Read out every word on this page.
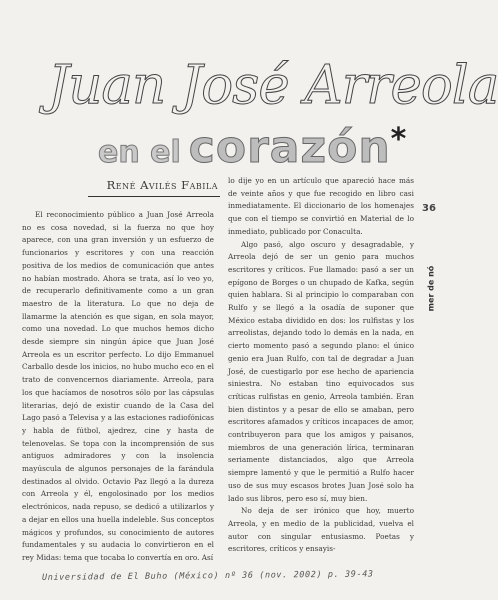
36
Juan José Arreola
en el corazón*
René Avilés Fabila

El reconocimiento público a Juan José Arreola no es cosa novedad, si la fuerza no que hoy aparece, con una gran inversión y un esfuerzo de funcionarios y escritores y con una reacción positiva de los medios de comunicación que antes no habían mostrado. Ahora se trata, así lo veo yo, de recuperarlo definitivamente como a un gran maestro de la literatura. Lo que no deja de llamarme la atención es que sigan, en sola mayor, como una novedad. Lo que muchos hemos dicho desde siempre sin ningún ápice que Juan José Arreola es un escritor perfecto. Lo dijo Emmanuel Carballo desde los inicios, no hubo mucho eco en el trato de convencernos diariamente. Arreola, para los que hacíamos de nosotros sólo por las cápsulas literarias, dejó de existir cuando de la Casa del Lago pasó a Televisa y a las estaciones radiofónicas y habla de fútbol, ajedrez, cine y hasta de telenovelas. Se topa con la incomprensión de sus antiguos admiradores y con la insolencia mayúscula de algunos personajes de la farándula destinados al olvido. Octavio Paz llegó a la dureza con Arreola y él, engolosinado por los medios electrónicos, nada repuso, se dedicó a utilizarlos y a dejar en ellos una huella indeleble. Sus conceptos mágicos y profundos, su conocimiento de autores fundamentales y su audacia lo convirtieron en el rey Midas: tema que tocaba lo convertía en oro. Así

lo dije yo en un artículo que apareció hace más de veinte años y que fue recogido en libro casi inmediatamente. El diccionario de los homenajes que con el tiempo se convirtió en Material de lo inmediato, publicado por Conaculta.

Algo pasó, algo oscuro y desagradable, y Arreola dejó de ser un genio para muchos escritores y críticos. Fue llamado: pasó a ser un epígono de Borges o un chupado de Kafka, según quien hablara. Si al principio lo comparaban con Rulfo y se llegó a la osadía de suponer que México estaba dividido en dos: los rulfistas y los arreolistas, dejando todo lo demás en la nada, en cierto momento pasó a segundo plano: el único genio era Juan Rulfo, con tal de degradar a Juan José, de cuestigarlo por ese hecho de apariencia siniestra. No estaban tino equivocados sus críticas rulfistas en genio, Arreola también. Eran bien distintos y a pesar de ello se amaban, pero escritores afamados y críticos incapaces de amor, contribuyeron para que los amigos y paisanos, miembros de una generación lírica, terminaran seriamente distanciados, algo que Arreola siempre lamentó y que le permitió a Rulfo hacer uso de sus muy escasos brotes Juan José solo ha lado sus libros, pero eso sí, muy bien.

No deja de ser irónico que hoy, muerto Arreola, y en medio de la publicidad, vuelva el autor con singular entusiasmo. Poetas y escritores, críticos y ensayis-

mer de nó
Universidad de El Buho (México) nº 36 (nov. 2002) p. 39-43
